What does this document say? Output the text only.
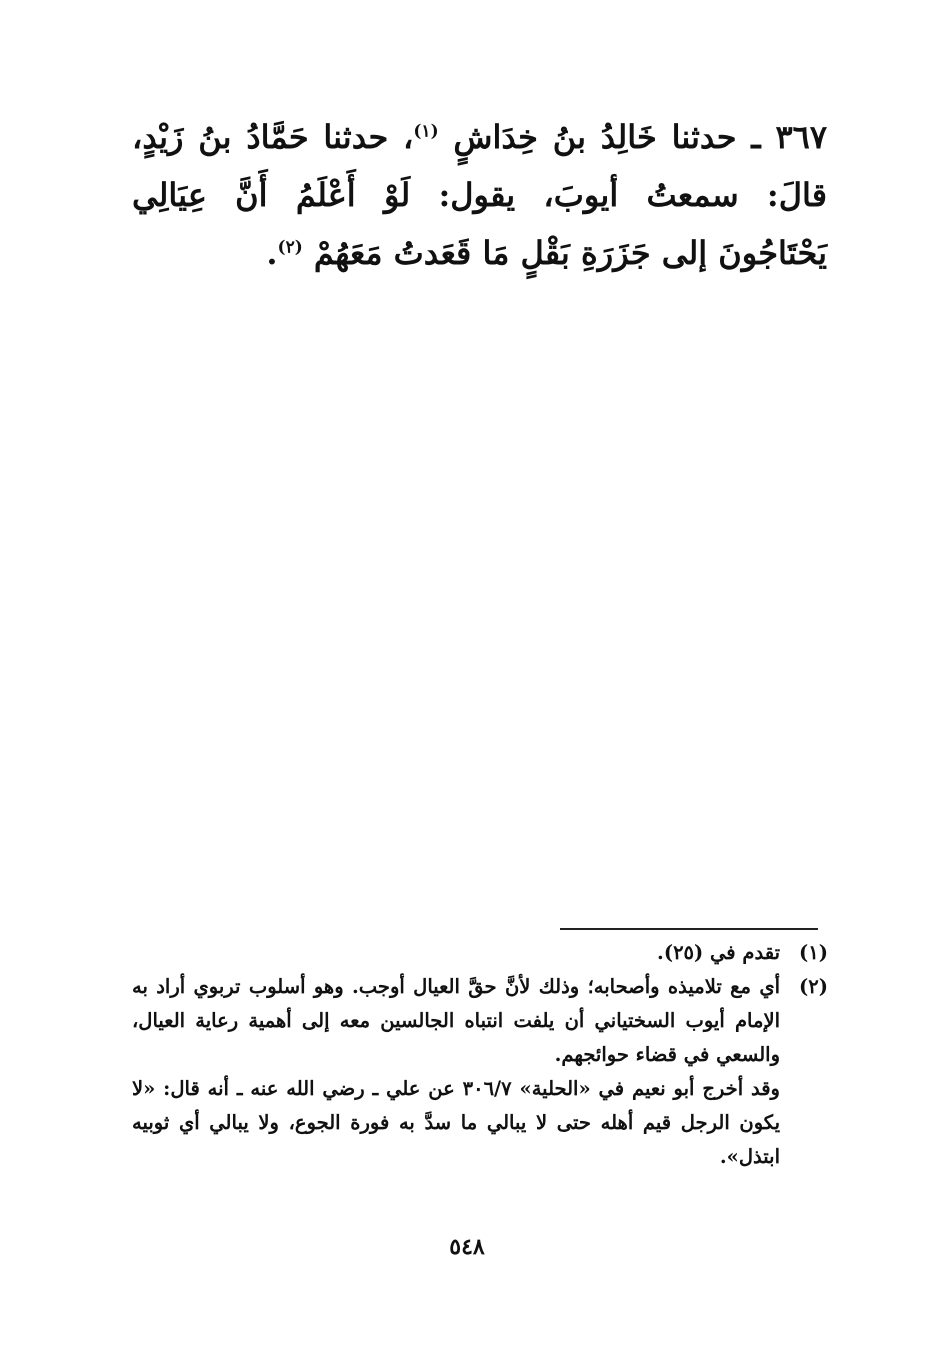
٣٦٧ ـ حدثنا خَالِدُ بنُ خِدَاشٍ $^{(١)}$، حدثنا حَمَّادُ بنُ زَيْدٍ، قالَ: سمعتُ أيوبَ، يقول: لَوْ أَعْلَمُ أَنَّ عِيَالِي يَحْتَاجُونَ إلى جَزَرَةِ بَقْلٍ مَا قَعَدتُ مَعَهُمْ $^{(٢)}$.

(١)

تقدم في (٢٥).

(٢)

أي مع تلاميذه وأصحابه؛ وذلك لأنَّ حقَّ العيال أوجب. وهو أسلوب تربوي أراد به الإمام أيوب السختياني أن يلفت انتباه الجالسين معه إلى أهمية رعاية العيال، والسعي في قضاء حوائجهم.

وقد أخرج أبو نعيم في «الحلية» ٣٠٦/٧ عن علي ـ رضي الله عنه ـ أنه قال: «لا يكون الرجل قيم أهله حتى لا يبالي ما سدَّ به فورة الجوع، ولا يبالي أي ثوبيه ابتذل».

٥٤٨
